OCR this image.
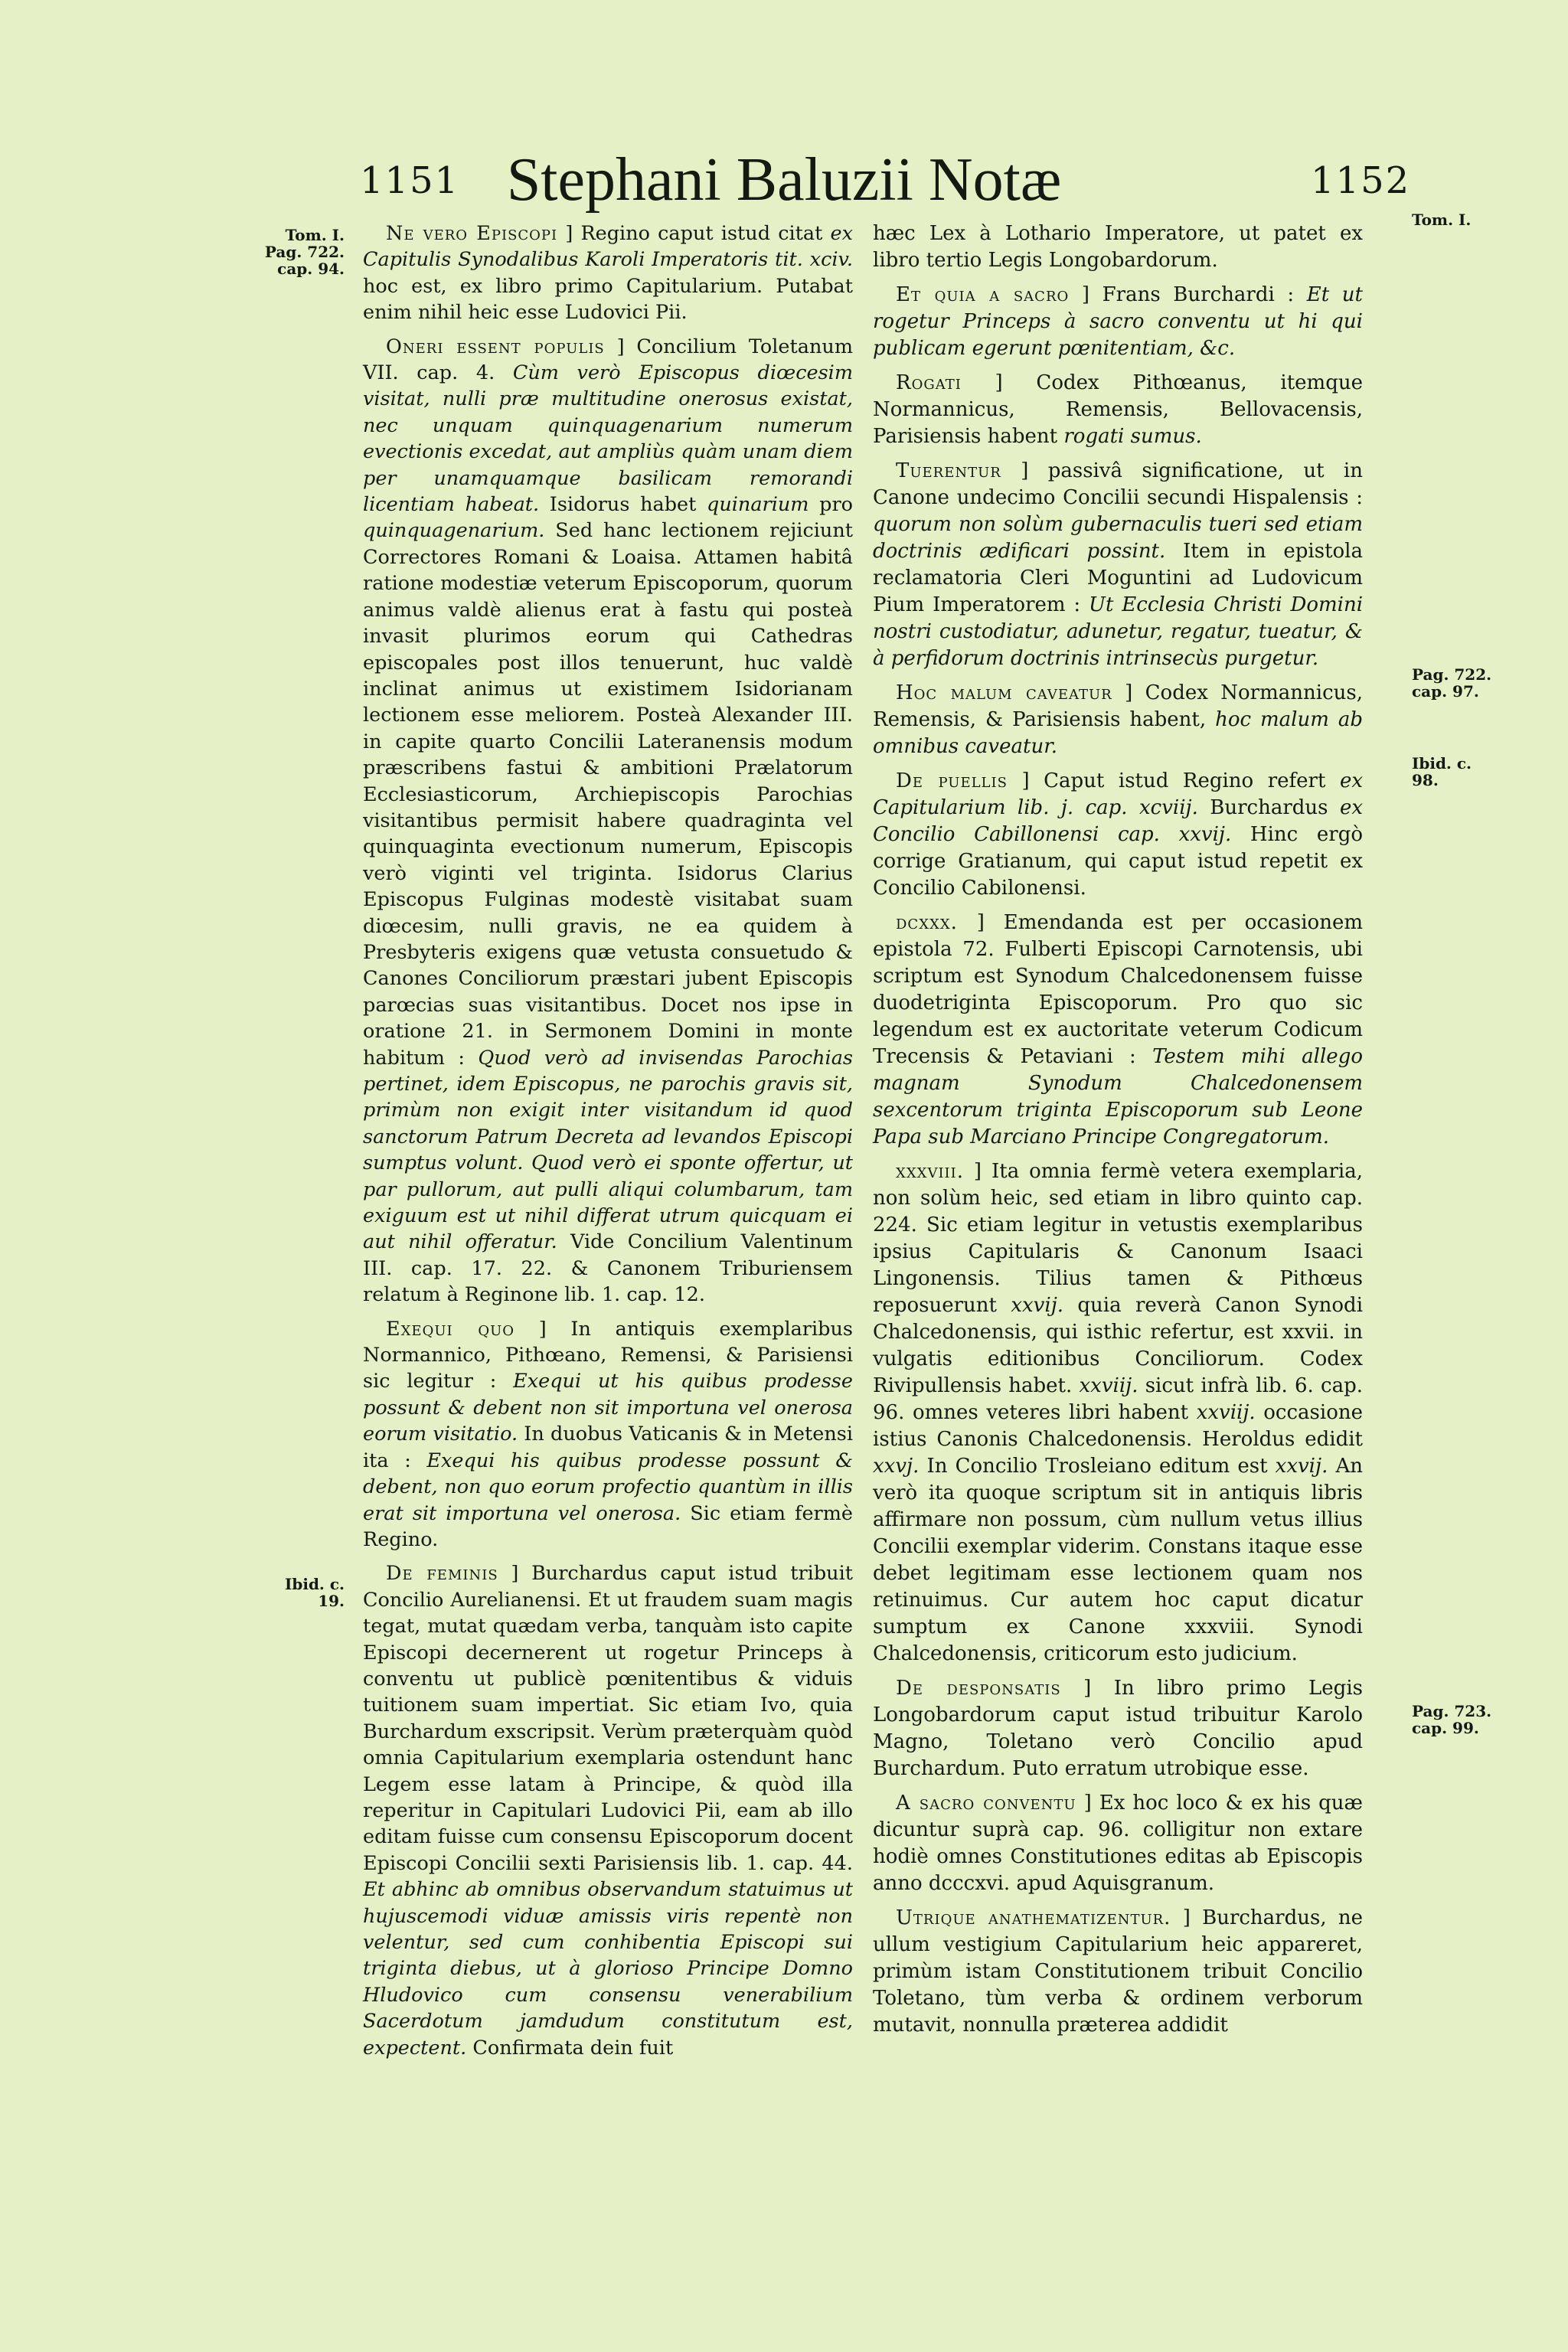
Stephani Baluzii Notæ
1151	1152
Tom. I.
Pag. 722.
cap. 94.
Ibid. c. 19.
Tom. I.
Pag. 722.
cap. 97.
Ibid. c. 98.
Pag. 723.
cap. 99.

Ne vero Episcopi ] Regino caput istud citat ex Capitulis Synodalibus Karoli Imperatoris tit. xciv. hoc est, ex libro primo Capitularium. Putabat enim nihil heic esse Ludovici Pii.

Oneri essent populis ] Concilium Toletanum VII. cap. 4. Cùm verò Episcopus diœcesim visitat, nulli præ multitudine onerosus existat, nec unquam quinquagenarium numerum evectionis excedat, aut ampliùs quàm unam diem per unamquamque basilicam remorandi licentiam habeat. Isidorus habet quinarium pro quinquagenarium. Sed hanc lectionem rejiciunt Correctores Romani & Loaisa. Attamen habitâ ratione modestiæ veterum Episcoporum, quorum animus valdè alienus erat à fastu qui posteà invasit plurimos eorum qui Cathedras episcopales post illos tenuerunt, huc valdè inclinat animus ut existimem Isidorianam lectionem esse meliorem. Posteà Alexander III. in capite quarto Concilii Lateranensis modum præscribens fastui & ambitioni Prælatorum Ecclesiasticorum, Archiepiscopis Parochias visitantibus permisit habere quadraginta vel quinquaginta evectionum numerum, Episcopis verò viginti vel triginta. Isidorus Clarius Episcopus Fulginas modestè visitabat suam diœcesim, nulli gravis, ne ea quidem à Presbyteris exigens quæ vetusta consuetudo & Canones Conciliorum præstari jubent Episcopis parœcias suas visitantibus. Docet nos ipse in oratione 21. in Sermonem Domini in monte habitum : Quod verò ad invisendas Parochias pertinet, idem Episcopus, ne parochis gravis sit, primùm non exigit inter visitandum id quod sanctorum Patrum Decreta ad levandos Episcopi sumptus volunt. Quod verò ei sponte offertur, ut par pullorum, aut pulli aliqui columbarum, tam exiguum est ut nihil differat utrum quicquam ei aut nihil offeratur. Vide Concilium Valentinum III. cap. 17. 22. & Canonem Triburiensem relatum à Reginone lib. 1. cap. 12.

Exequi quo ] In antiquis exemplaribus Normannico, Pithœano, Remensi, & Parisiensi sic legitur : Exequi ut his quibus prodesse possunt & debent non sit importuna vel onerosa eorum visitatio. In duobus Vaticanis & in Metensi ita : Exequi his quibus prodesse possunt & debent, non quo eorum profectio quantùm in illis erat sit importuna vel onerosa. Sic etiam fermè Regino.

De feminis ] Burchardus caput istud tribuit Concilio Aurelianensi. Et ut fraudem suam magis tegat, mutat quædam verba, tanquàm isto capite Episcopi decernerent ut rogetur Princeps à conventu ut publicè pœnitentibus & viduis tuitionem suam impertiat. Sic etiam Ivo, quia Burchardum exscripsit. Verùm præterquàm quòd omnia Capitularium exemplaria ostendunt hanc Legem esse latam à Principe, & quòd illa reperitur in Capitulari Ludovici Pii, eam ab illo editam fuisse cum consensu Episcoporum docent Episcopi Concilii sexti Parisiensis lib. 1. cap. 44. Et abhinc ab omnibus observandum statuimus ut hujuscemodi viduæ amissis viris repentè non velentur, sed cum conhibentia Episcopi sui triginta diebus, ut à glorioso Principe Domno Hludovico cum consensu venerabilium Sacerdotum jamdudum constitutum est, expectent. Confirmata dein fuit

hæc Lex à Lothario Imperatore, ut patet ex libro tertio Legis Longobardorum.

Et quia a sacro ] Frans Burchardi : Et ut rogetur Princeps à sacro conventu ut hi qui publicam egerunt pœnitentiam, &c.

Rogati ] Codex Pithœanus, itemque Normannicus, Remensis, Bellovacensis, Parisiensis habent rogati sumus.

Tuerentur ] passivâ significatione, ut in Canone undecimo Concilii secundi Hispalensis : quorum non solùm gubernaculis tueri sed etiam doctrinis ædificari possint. Item in epistola reclamatoria Cleri Moguntini ad Ludovicum Pium Imperatorem : Ut Ecclesia Christi Domini nostri custodiatur, adunetur, regatur, tueatur, & à perfidorum doctrinis intrinsecùs purgetur.

Hoc malum caveatur ] Codex Normannicus, Remensis, & Parisiensis habent, hoc malum ab omnibus caveatur.

De puellis ] Caput istud Regino refert ex Capitularium lib. j. cap. xcviij. Burchardus ex Concilio Cabillonensi cap. xxvij. Hinc ergò corrige Gratianum, qui caput istud repetit ex Concilio Cabilonensi.

dcxxx. ] Emendanda est per occasionem epistola 72. Fulberti Episcopi Carnotensis, ubi scriptum est Synodum Chalcedonensem fuisse duodetriginta Episcoporum. Pro quo sic legendum est ex auctoritate veterum Codicum Trecensis & Petaviani : Testem mihi allego magnam Synodum Chalcedonensem sexcentorum triginta Episcoporum sub Leone Papa sub Marciano Principe Congregatorum.

xxxviii. ] Ita omnia fermè vetera exemplaria, non solùm heic, sed etiam in libro quinto cap. 224. Sic etiam legitur in vetustis exemplaribus ipsius Capitularis & Canonum Isaaci Lingonensis. Tilius tamen & Pithœus reposuerunt xxvij. quia reverà Canon Synodi Chalcedonensis, qui isthic refertur, est xxvii. in vulgatis editionibus Conciliorum. Codex Rivipullensis habet. xxviij. sicut infrà lib. 6. cap. 96. omnes veteres libri habent xxviij. occasione istius Canonis Chalcedonensis. Heroldus edidit xxvj. In Concilio Trosleiano editum est xxvij. An verò ita quoque scriptum sit in antiquis libris affirmare non possum, cùm nullum vetus illius Concilii exemplar viderim. Constans itaque esse debet legitimam esse lectionem quam nos retinuimus. Cur autem hoc caput dicatur sumptum ex Canone xxxviii. Synodi Chalcedonensis, criticorum esto judicium.

De desponsatis ] In libro primo Legis Longobardorum caput istud tribuitur Karolo Magno, Toletano verò Concilio apud Burchardum. Puto erratum utrobique esse.

A sacro conventu ] Ex hoc loco & ex his quæ dicuntur suprà cap. 96. colligitur non extare hodiè omnes Constitutiones editas ab Episcopis anno dcccxvi. apud Aquisgranum.

Utrique anathematizentur. ] Burchardus, ne ullum vestigium Capitularium heic appareret, primùm istam Constitutionem tribuit Concilio Toletano, tùm verba & ordinem verborum mutavit, nonnulla præterea addidit
